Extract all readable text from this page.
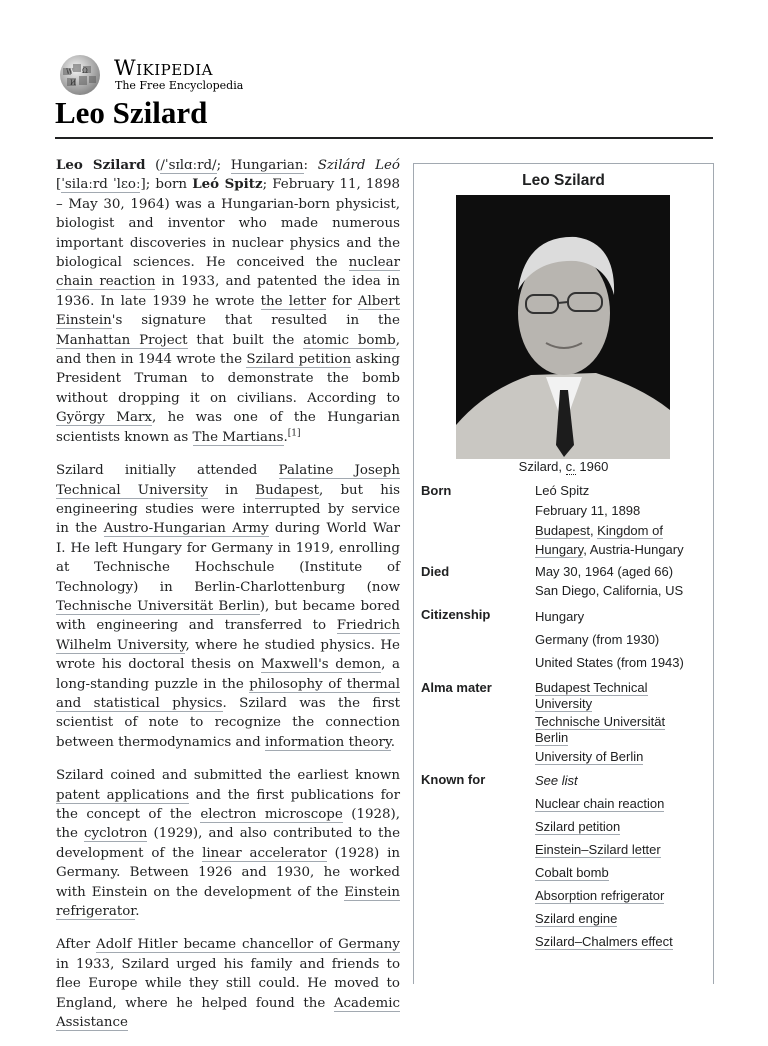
W Ω
И
Wikipedia
The Free Encyclopedia
Leo Szilard

Leo Szilard (/ˈsɪlɑːrd/; Hungarian: Szilárd Leó [ˈsilaːrd ˈlɛoː]; born Leó Spitz; February 11, 1898 – May 30, 1964) was a Hungarian-born physicist, biologist and inventor who made numerous important discoveries in nuclear physics and the biological sciences. He conceived the nuclear chain reaction in 1933, and patented the idea in 1936. In late 1939 he wrote the letter for Albert Einstein's signature that resulted in the Manhattan Project that built the atomic bomb, and then in 1944 wrote the Szilard petition asking President Truman to demonstrate the bomb without dropping it on civilians. According to György Marx, he was one of the Hungarian scientists known as The Martians.[1]

Szilard initially attended Palatine Joseph Technical University in Budapest, but his engineering studies were interrupted by service in the Austro-Hungarian Army during World War I. He left Hungary for Germany in 1919, enrolling at Technische Hochschule (Institute of Technology) in Berlin-Charlottenburg (now Technische Universität Berlin), but became bored with engineering and transferred to Friedrich Wilhelm University, where he studied physics. He wrote his doctoral thesis on Maxwell's demon, a long-standing puzzle in the philosophy of thermal and statistical physics. Szilard was the first scientist of note to recognize the connection between thermodynamics and information theory.

Szilard coined and submitted the earliest known patent applications and the first publications for the concept of the electron microscope (1928), the cyclotron (1929), and also contributed to the development of the linear accelerator (1928) in Germany. Between 1926 and 1930, he worked with Einstein on the development of the Einstein refrigerator.

After Adolf Hitler became chancellor of Germany in 1933, Szilard urged his family and friends to flee Europe while they still could. He moved to England, where he helped found the Academic Assistance

Leo Szilard
Szilard, c. 1960
Born	Leó Spitz
February 11, 1898
Budapest, Kingdom of
Hungary, Austria-Hungary
Died	May 30, 1964 (aged 66)
San Diego, California, US
Citizenship	Hungary
Germany (from 1930)
United States (from 1943)
Alma mater	Budapest Technical
University
Technische Universität
Berlin
University of Berlin
Known for	See list
Nuclear chain reaction
Szilard petition
Einstein–Szilard letter
Cobalt bomb
Absorption refrigerator
Szilard engine
Szilard–Chalmers effect
